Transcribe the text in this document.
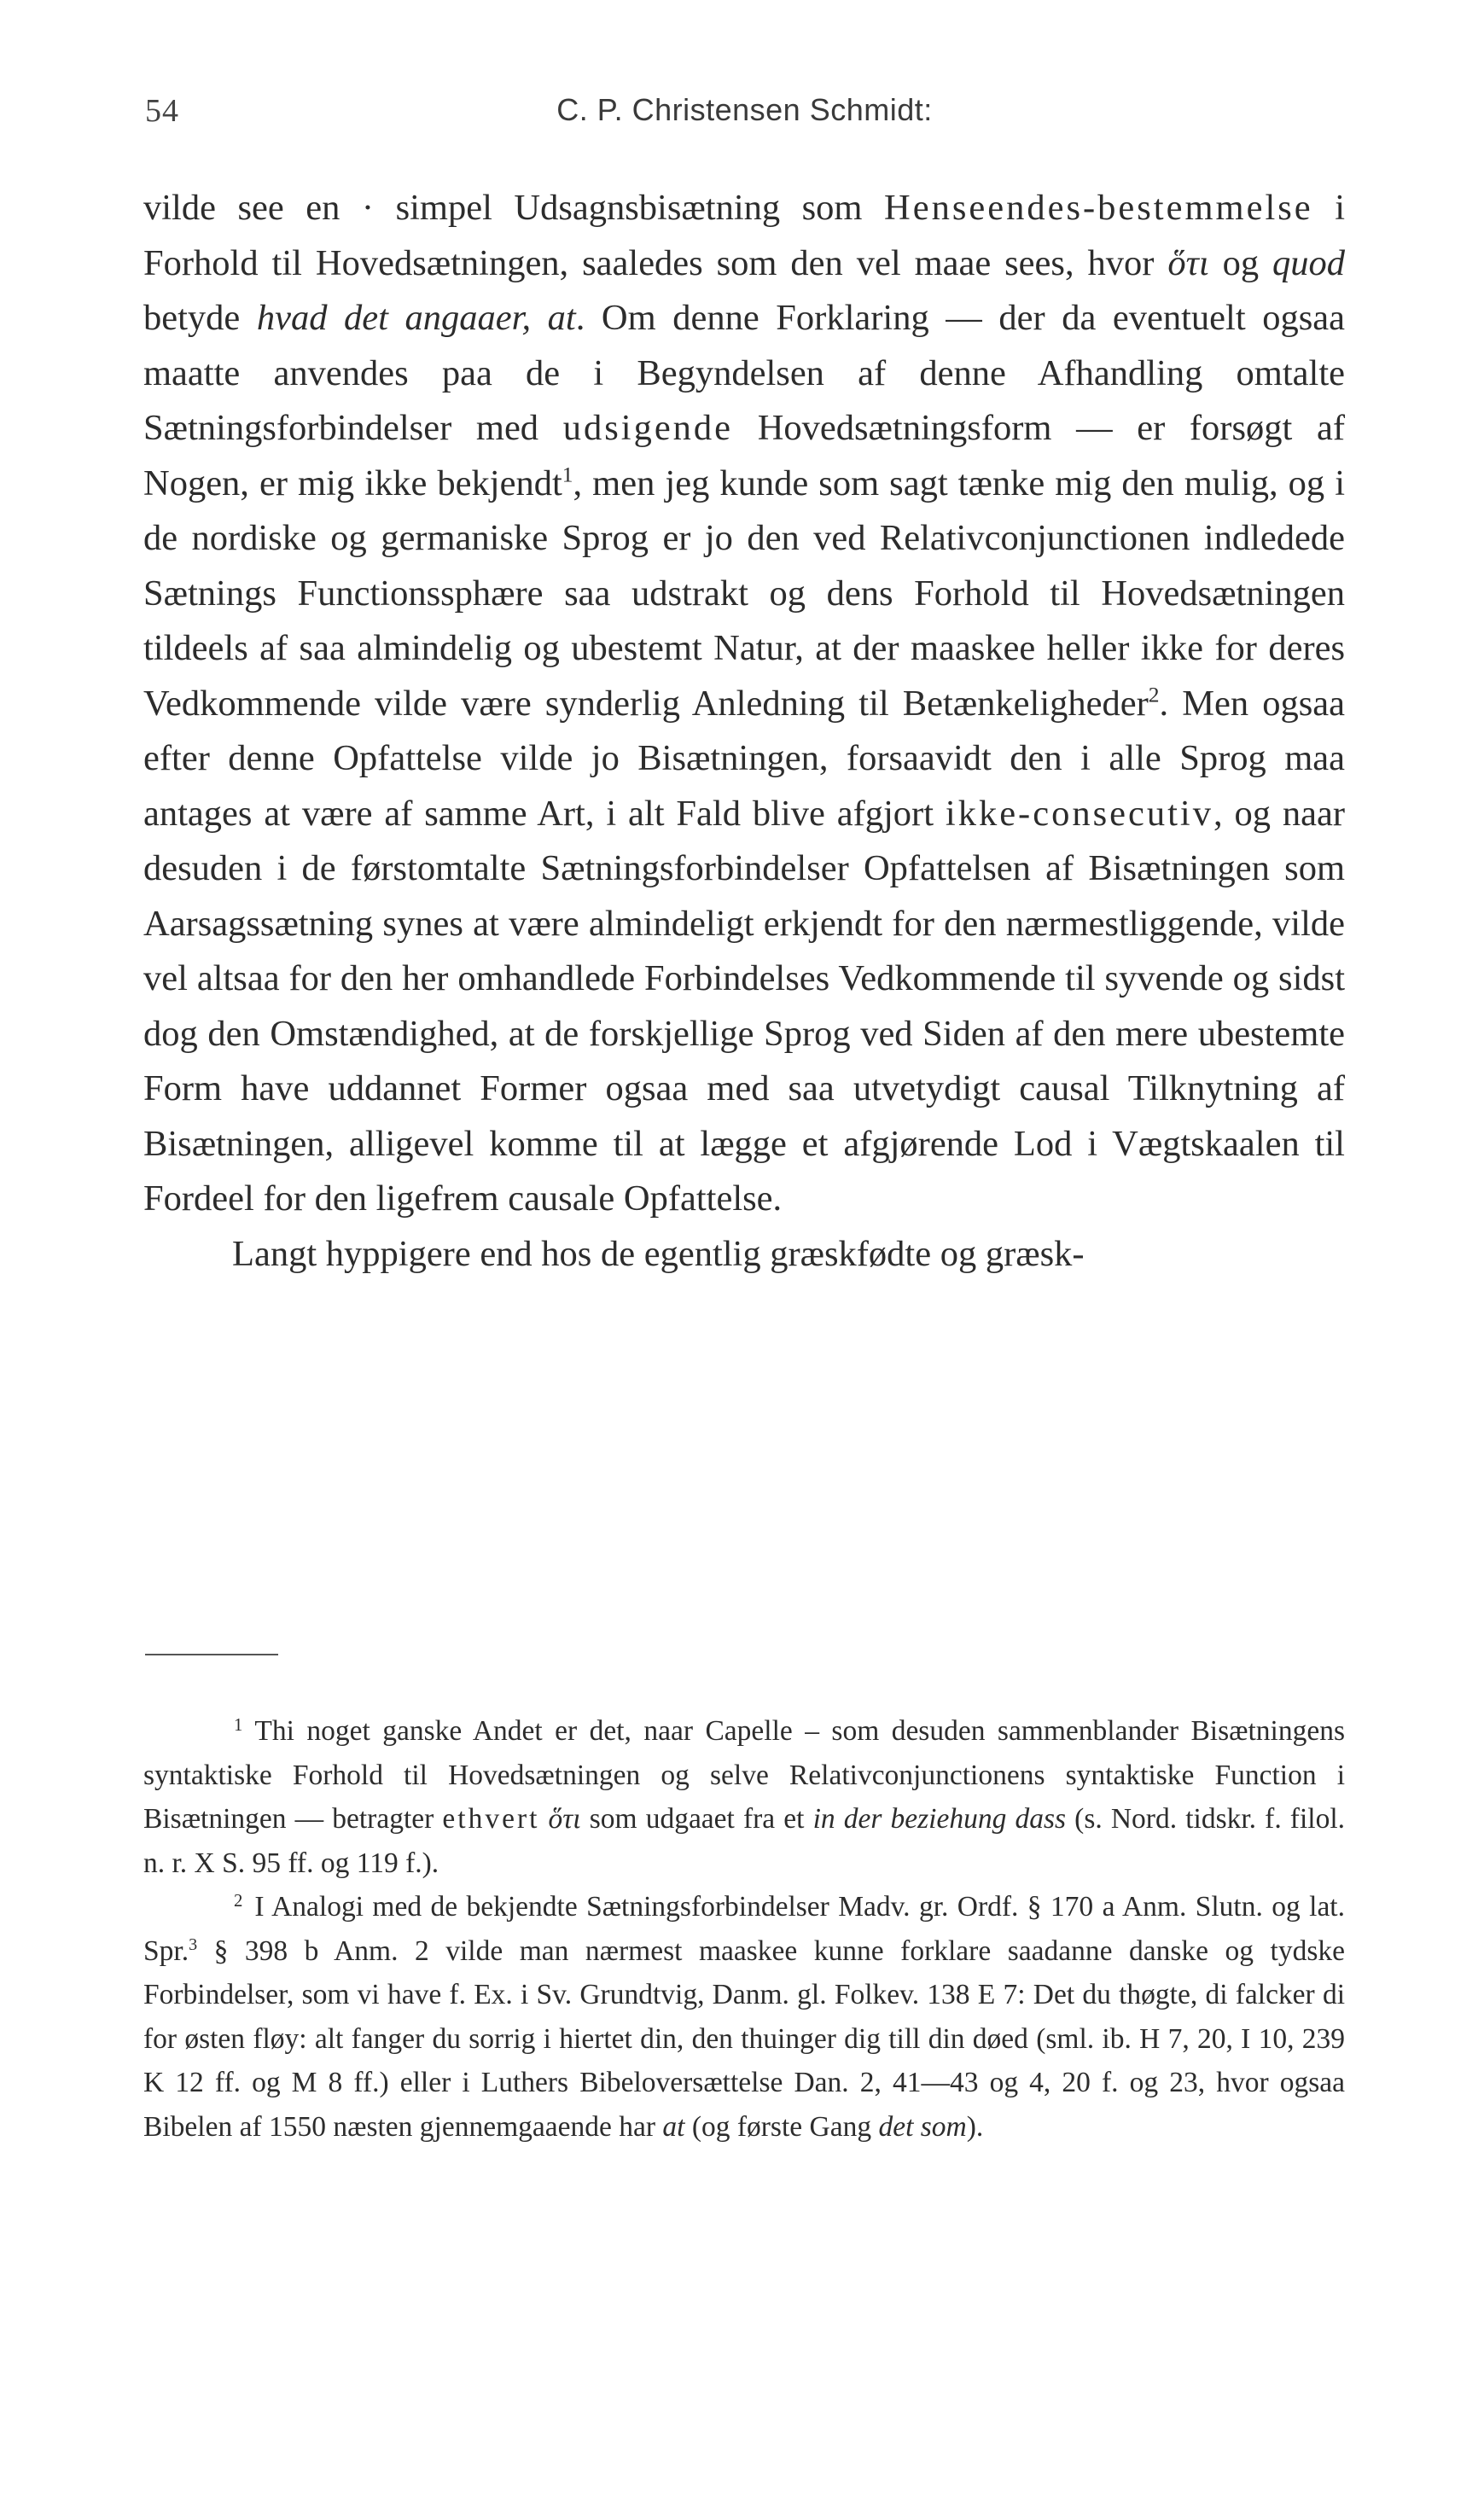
54	C. P. Christensen Schmidt:

vilde see en · simpel Udsagnsbisætning som Henseendes-bestemmelse i Forhold til Hovedsætningen, saaledes som den vel maae sees, hvor ὅτι og quod betyde hvad det angaaer, at. Om denne Forklaring — der da eventuelt ogsaa maatte anvendes paa de i Begyndelsen af denne Afhandling omtalte Sætningsforbindelser med udsigende Hovedsætningsform — er forsøgt af Nogen, er mig ikke bekjendt$^1$, men jeg kunde som sagt tænke mig den mulig, og i de nordiske og germaniske Sprog er jo den ved Relativconjunctionen indledede Sætnings Functionssphære saa udstrakt og dens Forhold til Hovedsætningen tildeels af saa almindelig og ubestemt Natur, at der maaskee heller ikke for deres Vedkommende vilde være synderlig Anledning til Betænkeligheder$^2$. Men ogsaa efter denne Opfattelse vilde jo Bisætningen, forsaavidt den i alle Sprog maa antages at være af samme Art, i alt Fald blive afgjort ikke-consecutiv, og naar desuden i de førstomtalte Sætningsforbindelser Opfattelsen af Bisætningen som Aarsagssætning synes at være almindeligt erkjendt for den nærmestliggende, vilde vel altsaa for den her omhandlede Forbindelses Vedkommende til syvende og sidst dog den Omstændighed, at de forskjellige Sprog ved Siden af den mere ubestemte Form have uddannet Former ogsaa med saa utvetydigt causal Tilknytning af Bisætningen, alligevel komme til at lægge et afgjørende Lod i Vægtskaalen til Fordeel for den ligefrem causale Opfattelse.

Langt hyppigere end hos de egentlig græskfødte og græsk-

$^1$ Thi noget ganske Andet er det, naar Capelle – som desuden sammenblander Bisætningens syntaktiske Forhold til Hovedsætningen og selve Relativconjunctionens syntaktiske Function i Bisætningen — betragter ethvert ὅτι som udgaaet fra et in der beziehung dass (s. Nord. tidskr. f. filol. n. r. X S. 95 ff. og 119 f.).

$^2$ I Analogi med de bekjendte Sætningsforbindelser Madv. gr. Ordf. § 170 a Anm. Slutn. og lat. Spr.$^3$ § 398 b Anm. 2 vilde man nærmest maaskee kunne forklare saadanne danske og tydske Forbindelser, som vi have f. Ex. i Sv. Grundtvig, Danm. gl. Folkev. 138 E 7: Det du thøgte, di falcker di for østen fløy: alt fanger du sorrig i hiertet din, den thuinger dig till din døed (sml. ib. H 7, 20, I 10, 239 K 12 ff. og M 8 ff.) eller i Luthers Bibeloversættelse Dan. 2, 41—43 og 4, 20 f. og 23, hvor ogsaa Bibelen af 1550 næsten gjennemgaaende har at (og første Gang det som).
